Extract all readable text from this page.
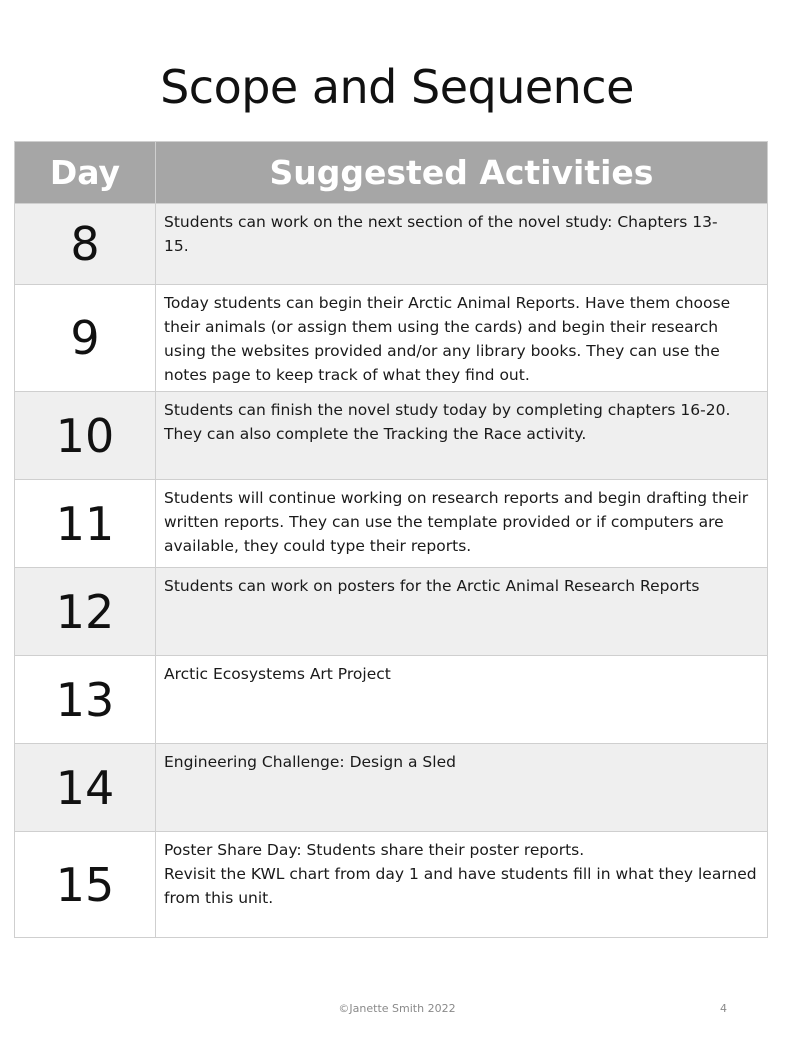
Scope and Sequence
Day	Suggested Activities
8	Students can work on the next section of the novel study: Chapters 13-
15.
9	Today students can begin their Arctic Animal Reports. Have them choose their animals (or assign them using the cards) and begin their research using the websites provided and/or any library books. They can use the notes page to keep track of what they find out.
10	Students can finish the novel study today by completing chapters 16-20. They can also complete the Tracking the Race activity.
11	Students will continue working on research reports and begin drafting their written reports. They can use the template provided or if computers are available, they could type their reports.
12	Students can work on posters for the Arctic Animal Research Reports
13	Arctic Ecosystems Art Project
14	Engineering Challenge: Design a Sled
15	Poster Share Day: Students share their poster reports.
Revisit the KWL chart from day 1 and have students fill in what they learned from this unit.
©Janette Smith 2022	4
